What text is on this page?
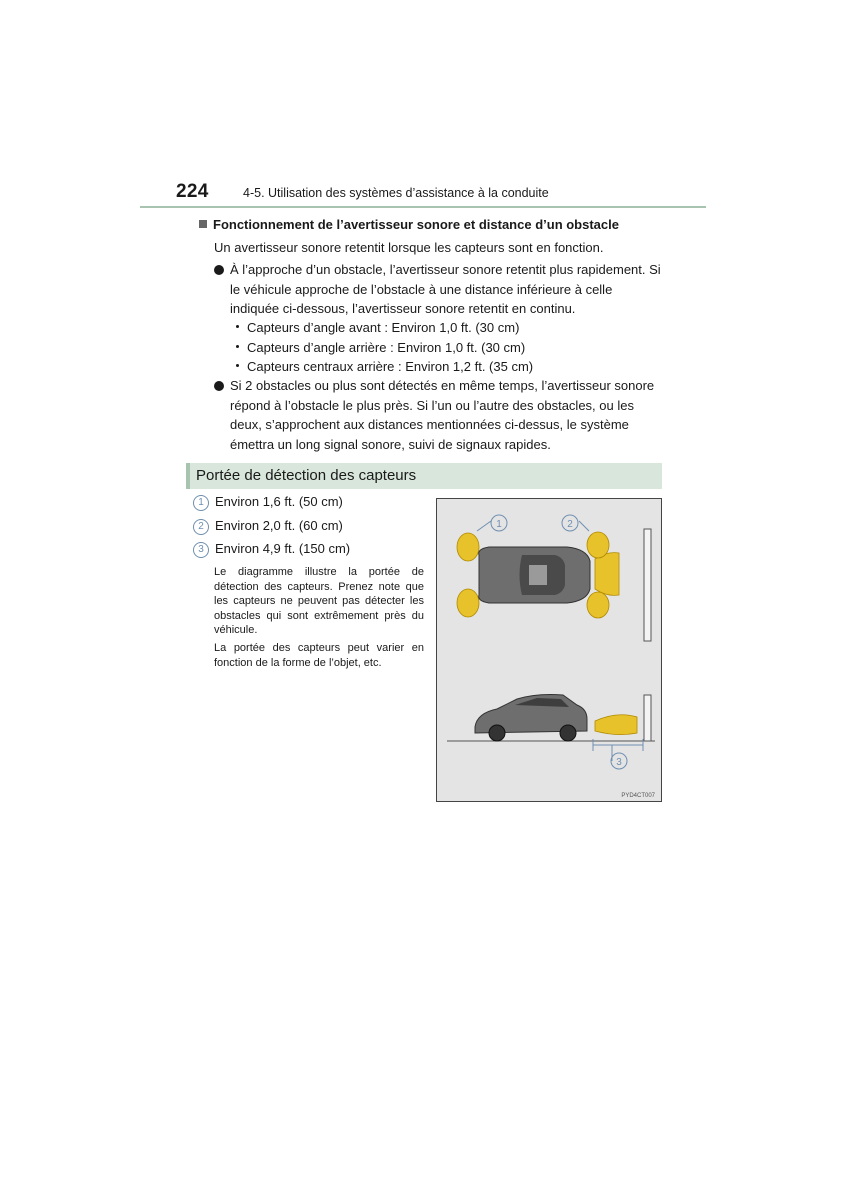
224	4-5. Utilisation des systèmes d’assistance à la conduite
Fonctionnement de l’avertisseur sonore et distance d’un obstacle
Un avertisseur sonore retentit lorsque les capteurs sont en fonction.
À l’approche d’un obstacle, l’avertisseur sonore retentit plus rapidement. Si le véhicule approche de l’obstacle à une distance inférieure à celle indiquée ci-dessous, l’avertisseur sonore retentit en continu.
Capteurs d’angle avant : Environ 1,0 ft. (30 cm)
Capteurs d’angle arrière : Environ 1,0 ft. (30 cm)
Capteurs centraux arrière : Environ 1,2 ft. (35 cm)
Si 2 obstacles ou plus sont détectés en même temps, l’avertisseur sonore répond à l’obstacle le plus près. Si l’un ou l’autre des obstacles, ou les deux, s’approchent aux distances mentionnées ci-dessus, le système émettra un long signal sonore, suivi de signaux rapides.
Portée de détection des capteurs
1 Environ 1,6 ft. (50 cm)
2 Environ 2,0 ft. (60 cm)
3 Environ 4,9 ft. (150 cm)
Le diagramme illustre la portée de détection des capteurs. Prenez note que les capteurs ne peuvent pas détecter les obstacles qui sont extrêmement près du véhicule.
La portée des capteurs peut varier en fonction de la forme de l’objet, etc.
1	2
3
PYD4CT007
